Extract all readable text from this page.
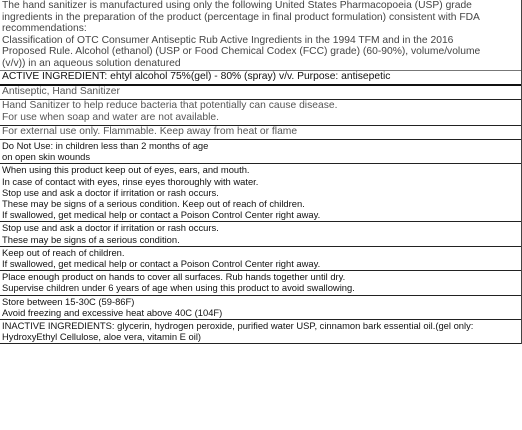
The hand sanitizer is manufactured using only the following United States Pharmacopoeia (USP) grade
ingredients in the preparation of the product (percentage in final product formulation) consistent with FDA
recommendations:
Classification of OTC Consumer Antiseptic Rub Active Ingredients in the 1994 TFM and in the 2016
Proposed Rule. Alcohol (ethanol) (USP or Food Chemical Codex (FCC) grade) (60-90%), volume/volume
(v/v)) in an aqueous solution denatured
ACTIVE INGREDIENT: ehtyl alcohol 75%(gel) - 80% (spray) v/v. Purpose: antisepetic
Antiseptic, Hand Sanitizer
Hand Sanitizer to help reduce bacteria that potentially can cause disease.
For use when soap and water are not available.
For external use only. Flammable. Keep away from heat or flame
Do Not Use: in children less than 2 months of age
on open skin wounds
When using this product keep out of eyes, ears, and mouth.
In case of contact with eyes, rinse eyes thoroughly with water.
Stop use and ask a doctor if irritation or rash occurs.
These may be signs of a serious condition. Keep out of reach of children.
If swallowed, get medical help or contact a Poison Control Center right away.
Stop use and ask a doctor if irritation or rash occurs.
These may be signs of a serious condition.
Keep out of reach of children.
If swallowed, get medical help or contact a Poison Control Center right away.
Place enough product on hands to cover all surfaces. Rub hands together until dry.
Supervise children under 6 years of age when using this product to avoid swallowing.
Store between 15-30C (59-86F)
Avoid freezing and excessive heat above 40C (104F)
INACTIVE INGREDIENTS: glycerin, hydrogen peroxide, purified water USP, cinnamon bark essential oil.(gel only:
HydroxyEthyl Cellulose, aloe vera, vitamin E oil)
